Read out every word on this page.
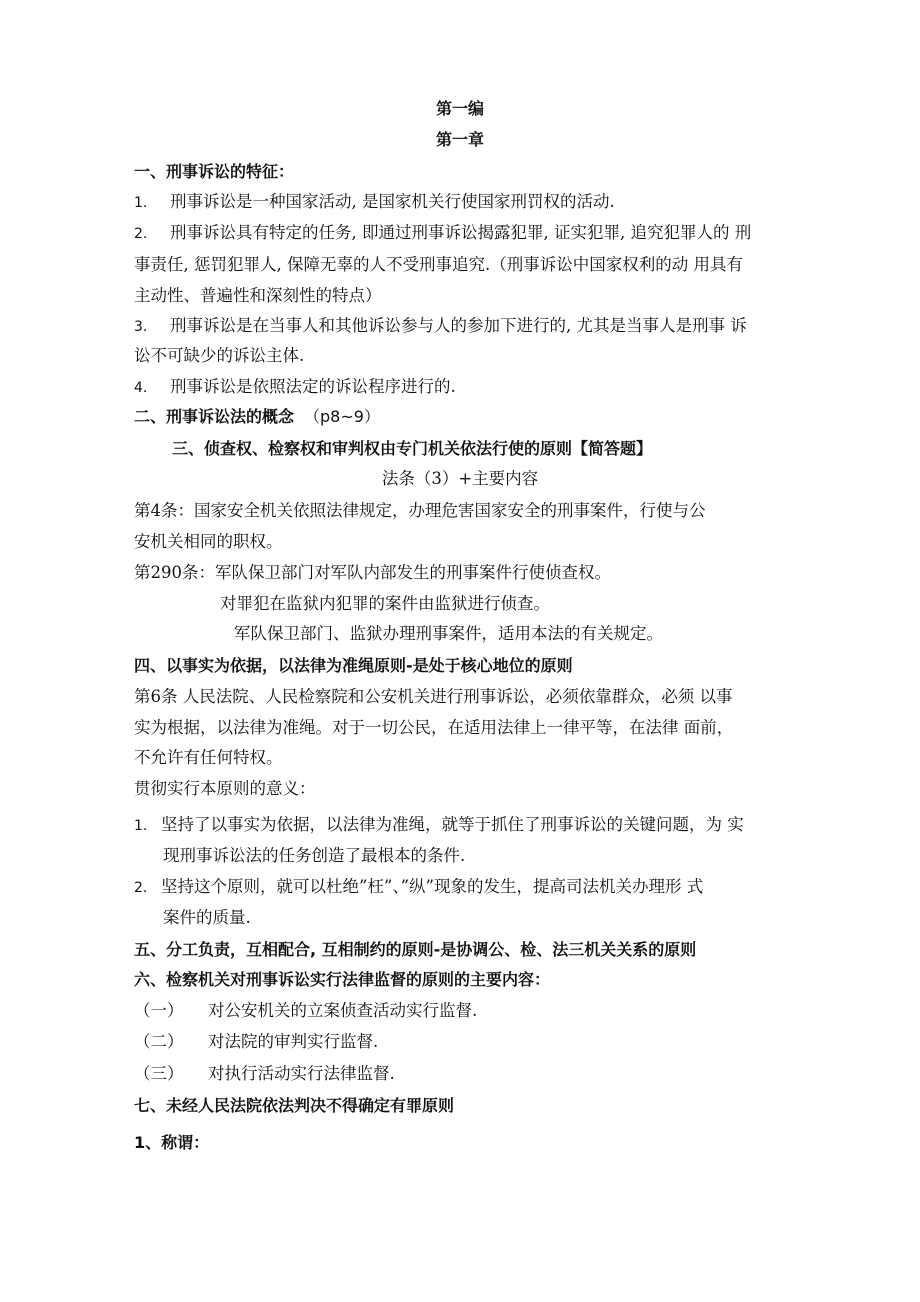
第一编
第一章
一、刑事诉讼的特征：
1. 刑事诉讼是一种国家活动, 是国家机关行使国家刑罚权的活动.
2. 刑事诉讼具有特定的任务, 即通过刑事诉讼揭露犯罪, 证实犯罪, 追究犯罪人的 刑
事责任, 惩罚犯罪人, 保障无辜的人不受刑事追究.（刑事诉讼中国家权利的动 用具有
主动性、普遍性和深刻性的特点）
3. 刑事诉讼是在当事人和其他诉讼参与人的参加下进行的, 尤其是当事人是刑事 诉
讼不可缺少的诉讼主体.
4. 刑事诉讼是依照法定的诉讼程序进行的.
二、刑事诉讼法的概念 （p8~9）
三、侦查权、检察权和审判权由专门机关依法行使的原则【简答题】
法条（3）+主要内容
第4条：国家安全机关依照法律规定，办理危害国家安全的刑事案件，行使与公
安机关相同的职权。
第290条：军队保卫部门对军队内部发生的刑事案件行使侦查权。
对罪犯在监狱内犯罪的案件由监狱进行侦查。
军队保卫部门、监狱办理刑事案件，适用本法的有关规定。
四、以事实为依据，以法律为准绳原则-是处于核心地位的原则
第6条 人民法院、人民检察院和公安机关进行刑事诉讼，必须依靠群众，必须 以事
实为根据，以法律为准绳。对于一切公民，在适用法律上一律平等，在法律 面前，
不允许有任何特权。
贯彻实行本原则的意义：
1. 坚持了以事实为依据，以法律为准绳，就等于抓住了刑事诉讼的关键问题，为 实
现刑事诉讼法的任务创造了最根本的条件.
2. 坚持这个原则，就可以杜绝”枉”、”纵”现象的发生，提高司法机关办理形 式
案件的质量.
五、分工负责，互相配合, 互相制约的原则-是协调公、检、法三机关关系的原则
六、检察机关对刑事诉讼实行法律监督的原则的主要内容：
（一） 对公安机关的立案侦查活动实行监督.
（二） 对法院的审判实行监督.
（三） 对执行活动实行法律监督.
七、未经人民法院依法判决不得确定有罪原则
1、称谓：
